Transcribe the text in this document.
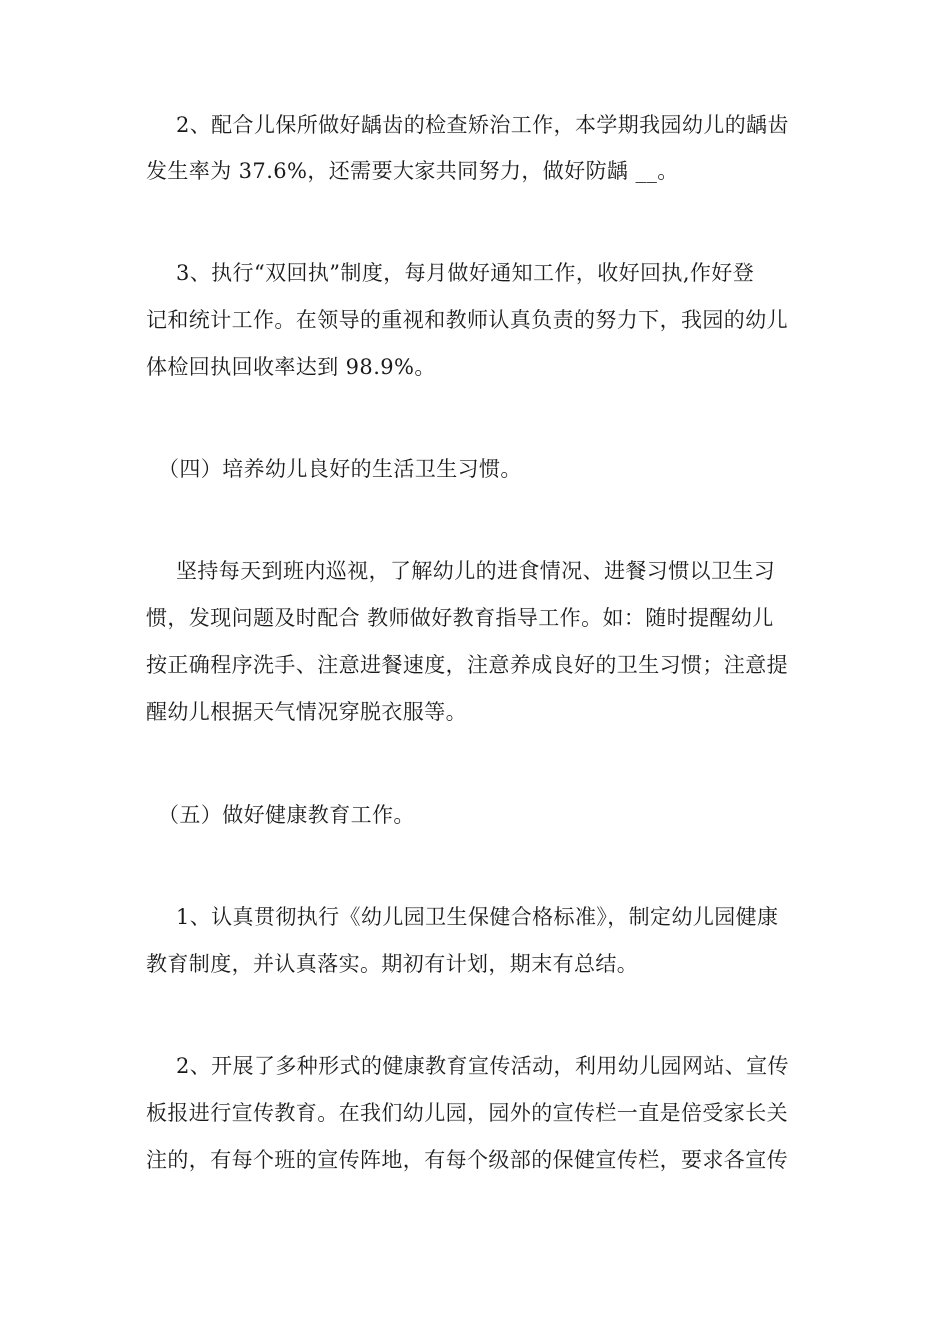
2、配合儿保所做好龋齿的检查矫治工作，本学期我园幼儿的龋齿
发生率为 37.6%，还需要大家共同努力，做好防龋 __。
3、执行“双回执”制度，每月做好通知工作，收好回执,作好登
记和统计工作。在领导的重视和教师认真负责的努力下，我园的幼儿
体检回执回收率达到 98.9%。
（四）培养幼儿良好的生活卫生习惯。
坚持每天到班内巡视，了解幼儿的进食情况、进餐习惯以卫生习
惯，发现问题及时配合 教师做好教育指导工作。如：随时提醒幼儿
按正确程序洗手、注意进餐速度，注意养成良好的卫生习惯；注意提
醒幼儿根据天气情况穿脱衣服等。
（五）做好健康教育工作。
1、认真贯彻执行《幼儿园卫生保健合格标准》，制定幼儿园健康
教育制度，并认真落实。期初有计划，期末有总结。
2、开展了多种形式的健康教育宣传活动，利用幼儿园网站、宣传
板报进行宣传教育。在我们幼儿园，园外的宣传栏一直是倍受家长关
注的，有每个班的宣传阵地，有每个级部的保健宣传栏，要求各宣传
